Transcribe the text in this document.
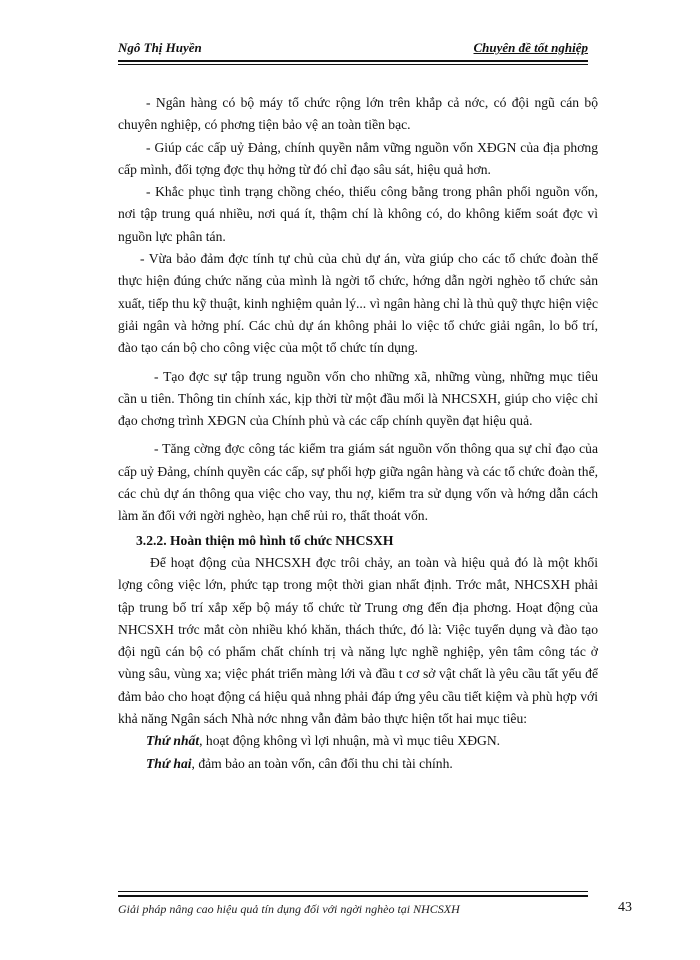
Ngô Thị Huyền	Chuyên đề tốt nghiệp

- Ngân hàng có bộ máy tổ chức rộng lớn trên khắp cả nớc, có đội ngũ cán bộ chuyên nghiệp, có phơng tiện bảo vệ an toàn tiền bạc.

- Giúp các cấp uỷ Đảng, chính quyền nắm vững nguồn vốn XĐGN của địa phơng cấp mình, đối tợng đợc thụ hởng từ đó chỉ đạo sâu sát, hiệu quả hơn.

- Khắc phục tình trạng chồng chéo, thiếu công bằng trong phân phối nguồn vốn, nơi tập trung quá nhiều, nơi quá ít, thậm chí là không có, do không kiểm soát đợc vì nguồn lực phân tán.

- Vừa bảo đảm đợc tính tự chủ của chủ dự án, vừa giúp cho các tổ chức đoàn thể thực hiện đúng chức năng của mình là ngời tổ chức, hớng dẫn ngời nghèo tổ chức sản xuất, tiếp thu kỹ thuật, kinh nghiệm quản lý... vì ngân hàng chỉ là thủ quỹ thực hiện việc giải ngân và hởng phí. Các chủ dự án không phải lo việc tổ chức giải ngân, lo bố trí, đào tạo cán bộ cho công việc của một tổ chức tín dụng.

- Tạo đợc sự tập trung nguồn vốn cho những xã, những vùng, những mục tiêu cần u tiên. Thông tin chính xác, kịp thời từ một đầu mối là NHCSXH, giúp cho việc chỉ đạo chơng trình XĐGN của Chính phủ và các cấp chính quyền đạt hiệu quả.

- Tăng cờng đợc công tác kiểm tra giám sát nguồn vốn thông qua sự chỉ đạo của cấp uỷ Đảng, chính quyền các cấp, sự phối hợp giữa ngân hàng và các tổ chức đoàn thể, các chủ dự án thông qua việc cho vay, thu nợ, kiểm tra sử dụng vốn và hớng dẫn cách làm ăn đối với ngời nghèo, hạn chế rủi ro, thất thoát vốn.

3.2.2. Hoàn thiện mô hình tổ chức NHCSXH

Để hoạt động của NHCSXH đợc trôi chảy, an toàn và hiệu quả đó là một khối lợng công việc lớn, phức tạp trong một thời gian nhất định. Trớc mắt, NHCSXH phải tập trung bố trí xắp xếp bộ máy tổ chức từ Trung ơng đến địa phơng. Hoạt động của NHCSXH trớc mắt còn nhiều khó khăn, thách thức, đó là: Việc tuyển dụng và đào tạo đội ngũ cán bộ có phẩm chất chính trị và năng lực nghề nghiệp, yên tâm công tác ở vùng sâu, vùng xa; việc phát triển màng lới và đầu t cơ sở vật chất là yêu cầu tất yếu để đảm bảo cho hoạt động cá hiệu quả nhng phải đáp ứng yêu cầu tiết kiệm và phù hợp với khả năng Ngân sách Nhà nớc nhng vẫn đảm bảo thực hiện tốt hai mục tiêu:

Thứ nhất, hoạt động không vì lợi nhuận, mà vì mục tiêu XĐGN.

Thứ hai, đảm bảo an toàn vốn, cân đối thu chi tài chính.

Giải pháp nâng cao hiệu quả tín dụng đối với ngời nghèo tại NHCSXH	43
